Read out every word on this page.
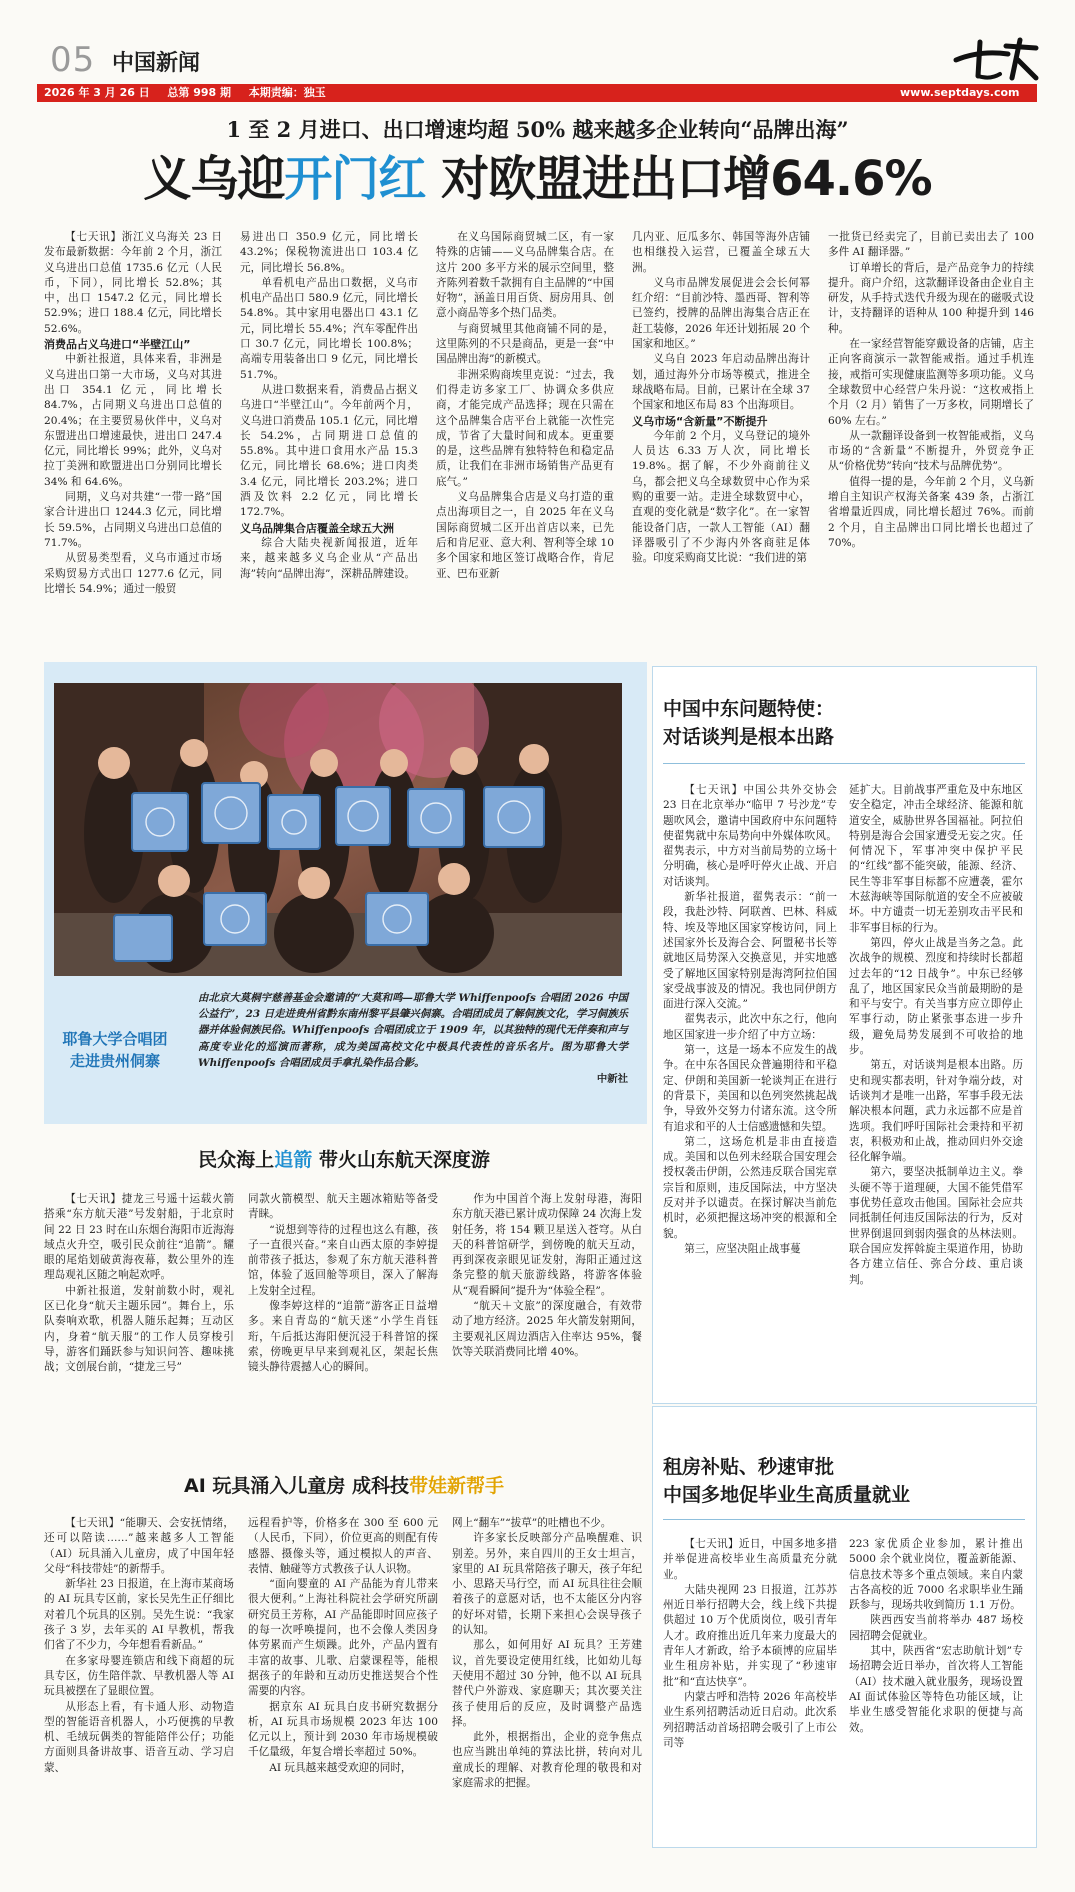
05 中国新闻
2026 年 3 月 26 日 总第 998 期 本期责编：独玉	www.septdays.com
1 至 2 月进口、出口增速均超 50% 越来越多企业转向“品牌出海”
义乌迎开门红 对欧盟进出口增64.6%

【七天讯】浙江义乌海关 23 日发布最新数据：今年前 2 个月，浙江义乌进出口总值 1735.6 亿元（人民币，下同），同比增长 52.8%；其中，出口 1547.2 亿元，同比增长 52.9%；进口 188.4 亿元，同比增长 52.6%。

消费品占义乌进口“半壁江山”

中新社报道，具体来看，非洲是义乌进出口第一大市场，义乌对其进出口 354.1 亿元，同比增长 84.7%，占同期义乌进出口总值的 20.4%；在主要贸易伙伴中，义乌对东盟进出口增速最快，进出口 247.4 亿元，同比增长 99%；此外，义乌对拉丁美洲和欧盟进出口分别同比增长 34% 和 64.6%。

同期，义乌对共建“一带一路”国家合计进出口 1244.3 亿元，同比增长 59.5%，占同期义乌进出口总值的 71.7%。

从贸易类型看，义乌市通过市场采购贸易方式出口 1277.6 亿元，同比增长 54.9%；通过一般贸

易进出口 350.9 亿元，同比增长 43.2%；保税物流进出口 103.4 亿元，同比增长 56.8%。

单看机电产品出口数据，义乌市机电产品出口 580.9 亿元，同比增长 54.8%。其中家用电器出口 43.1 亿元，同比增长 55.4%；汽车零配件出口 30.7 亿元，同比增长 100.8%；高端专用装备出口 9 亿元，同比增长 51.7%。

从进口数据来看，消费品占据义乌进口“半壁江山”。今年前两个月，义乌进口消费品 105.1 亿元，同比增长 54.2%，占同期进口总值的 55.8%。其中进口食用水产品 15.3 亿元，同比增长 68.6%；进口肉类 3.4 亿元，同比增长 203.2%；进口酒及饮料 2.2 亿元，同比增长 172.7%。

义乌品牌集合店覆盖全球五大洲

综合大陆央视新闻报道，近年来，越来越多义乌企业从“产品出海”转向“品牌出海”，深耕品牌建设。

在义乌国际商贸城二区，有一家特殊的店铺——义乌品牌集合店。在这片 200 多平方米的展示空间里，整齐陈列着数千款拥有自主品牌的“中国好物”，涵盖日用百货、厨房用具、创意小商品等多个热门品类。

与商贸城里其他商铺不同的是，这里陈列的不只是商品，更是一套“中国品牌出海”的新模式。

非洲采购商埃里克说：“过去，我们得走访多家工厂、协调众多供应商，才能完成产品选择；现在只需在这个品牌集合店平台上就能一次性完成，节省了大量时间和成本。更重要的是，这些品牌有独特特色和稳定品质，让我们在非洲市场销售产品更有底气。”

义乌品牌集合店是义乌打造的重点出海项目之一，自 2025 年在义乌国际商贸城二区开出首店以来，已先后和肯尼亚、意大利、智利等全球 10 多个国家和地区签订战略合作，肯尼亚、巴布亚新

几内亚、厄瓜多尔、韩国等海外店铺也相继投入运营，已覆盖全球五大洲。

义乌市品牌发展促进会会长何幂红介绍：“目前沙特、墨西哥、智利等已签约，授牌的品牌出海集合店正在赶工装修，2026 年还计划拓展 20 个国家和地区。”

义乌自 2023 年启动品牌出海计划，通过海外分市场等模式，推进全球战略布局。目前，已累计在全球 37 个国家和地区布局 83 个出海项目。

义乌市场“含新量”不断提升

今年前 2 个月，义乌登记的境外人员达 6.33 万人次，同比增长 19.8%。据了解，不少外商前往义乌，都会把义乌全球数贸中心作为采购的重要一站。走进全球数贸中心，直观的变化就是“数字化”。在一家智能设备门店，一款人工智能（AI）翻译器吸引了不少海内外客商驻足体验。印度采购商艾比说：“我们进的第

一批货已经卖完了，目前已卖出去了 100 多件 AI 翻译器。”

订单增长的背后，是产品竞争力的持续提升。商户介绍，这款翻译设备由企业自主研发，从手持式迭代升级为现在的磁吸式设计，支持翻译的语种从 100 种提升到 146 种。

在一家经营智能穿戴设备的店铺，店主正向客商演示一款智能戒指。通过手机连接，戒指可实现健康监测等多项功能。义乌全球数贸中心经营户朱丹说：“这枚戒指上个月（2 月）销售了一万多枚，同期增长了 60% 左右。”

从一款翻译设备到一枚智能戒指，义乌市场的“含新量”不断提升，外贸竞争正从“价格优势”转向“技术与品牌优势”。

值得一提的是，今年前 2 个月，义乌新增自主知识产权海关备案 439 条，占浙江省增量近四成，同比增长超过 76%。而前 2 个月，自主品牌出口同比增长也超过了 70%。

耶鲁大学合唱团
走进贵州侗寨
由北京大莫桐宇慈善基金会邀请的“大莫和鸣—耶鲁大学 Whiffenpoofs 合唱团 2026 中国公益行”，23 日走进贵州省黔东南州黎平县肇兴侗寨。合唱团成员了解侗族文化，学习侗族乐器并体验侗族民俗。Whiffenpoofs 合唱团成立于 1909 年，以其独特的现代无伴奏和声与高度专业化的巡演而著称，成为美国高校文化中极具代表性的音乐名片。图为耶鲁大学 Whiffenpoofs 合唱团成员手拿扎染作品合影。
中新社
中国中东问题特使：
对话谈判是根本出路

【七天讯】中国公共外交协会 23 日在北京举办“临甲 7 号沙龙”专题吹风会，邀请中国政府中东问题特使翟隽就中东局势向中外媒体吹风。翟隽表示，中方对当前局势的立场十分明确，核心是呼吁停火止战、开启对话谈判。

新华社报道，翟隽表示：“前一段，我赴沙特、阿联酋、巴林、科威特、埃及等地区国家穿梭访问，同上述国家外长及海合会、阿盟秘书长等就地区局势深入交换意见，并实地感受了解地区国家特别是海湾阿拉伯国家受战事波及的情况。我也同伊朗方面进行深入交流。”

翟隽表示，此次中东之行，他向地区国家进一步介绍了中方立场：

第一，这是一场本不应发生的战争。在中东各国民众普遍期待和平稳定、伊朗和美国新一轮谈判正在进行的背景下，美国和以色列突然挑起战争，导致外交努力付诸东流。这令所有追求和平的人士信感遗憾和失望。

第二，这场危机是非由直接造成。美国和以色列未经联合国安理会授权袭击伊朗，公然违反联合国宪章宗旨和原则，违反国际法，中方坚决反对并予以谴责。在探讨解决当前危机时，必须把握这场冲突的根源和全貌。

第三，应坚决阻止战事蔓

延扩大。目前战事严重危及中东地区安全稳定，冲击全球经济、能源和航道安全，威胁世界各国福祉。阿拉伯特别是海合会国家遭受无妄之灾。任何情况下，军事冲突中保护平民的“红线”都不能突破，能源、经济、民生等非军事目标都不应遭袭，霍尔木兹海峡等国际航道的安全不应被破坏。中方谴责一切无差别攻击平民和非军事目标的行为。

第四，停火止战是当务之急。此次战争的规模、烈度和持续时长都超过去年的“12 日战争”。中东已经够乱了，地区国家民众当前最期盼的是和平与安宁。有关当事方应立即停止军事行动，防止紧张事态进一步升级，避免局势发展到不可收拾的地步。

第五，对话谈判是根本出路。历史和现实都表明，针对争端分歧，对话谈判才是唯一出路，军事手段无法解决根本问题，武力永远都不应是首选项。我们呼吁国际社会秉持和平初衷，积极劝和止战，推动回归外交途径化解争端。

第六，要坚决抵制单边主义。拳头硬不等于道理硬，大国不能凭借军事优势任意攻击他国。国际社会应共同抵制任何违反国际法的行为，反对世界倒退回到弱肉强食的丛林法则。联合国应发挥斡旋主渠道作用，协助各方建立信任、弥合分歧、重启谈判。

租房补贴、秒速审批
中国多地促毕业生高质量就业

【七天讯】近日，中国多地多措并举促进高校毕业生高质量充分就业。

大陆央视网 23 日报道，江苏苏州近日举行招聘大会，线上线下共提供超过 10 万个优质岗位，吸引青年人才。政府推出近几年来力度最大的青年人才新政，给予本硕博的应届毕业生租房补贴，并实现了“秒速审批”和“直达快享”。

内蒙古呼和浩特 2026 年高校毕业生系列招聘活动近日启动。此次系列招聘活动首场招聘会吸引了上市公司等

223 家优质企业参加，累计推出 5000 余个就业岗位，覆盖新能源、信息技术等多个重点领域。来自内蒙古各高校的近 7000 名求职毕业生踊跃参与，现场共收到简历 1.1 万份。

陕西西安当前将举办 487 场校园招聘会促就业。

其中，陕西省“宏志助航计划”专场招聘会近日举办，首次将人工智能（AI）技术融入就业服务，现场设置 AI 面试体验区等特色功能区域，让毕业生感受智能化求职的便捷与高效。

民众海上追箭 带火山东航天深度游

【七天讯】捷龙三号遥十运载火箭搭乘“东方航天港”号发射船，于北京时间 22 日 23 时在山东烟台海阳市近海海域点火升空，吸引民众前往“追箭”。耀眼的尾焰划破黄海夜幕，数公里外的连理岛观礼区随之响起欢呼。

中新社报道，发射前数小时，观礼区已化身“航天主题乐园”。舞台上，乐队奏响欢歌，机器人随乐起舞；互动区内，身着“航天服”的工作人员穿梭引导，游客们踊跃参与知识问答、趣味挑战；文创展台前，“捷龙三号”

同款火箭模型、航天主题冰箱贴等备受青睐。

“说想到等待的过程也这么有趣，孩子一直很兴奋。”来自山西太原的李婷提前带孩子抵达，参观了东方航天港科普馆，体验了返回舱等项目，深入了解海上发射全过程。

像李婷这样的“追箭”游客正日益增多。来自青岛的“航天迷”小学生肖钰珩，午后抵达海阳便沉浸于科普馆的探索，傍晚更早早来到观礼区，架起长焦镜头静待震撼人心的瞬间。

作为中国首个海上发射母港，海阳东方航天港已累计成功保障 24 次海上发射任务，将 154 颗卫星送入苍穹。从白天的科普馆研学，到傍晚的航天互动，再到深夜亲眼见证发射，海阳正通过这条完整的航天旅游线路，将游客体验从“观看瞬间”提升为“体验全程”。

“航天＋文旅”的深度融合，有效带动了地方经济。2025 年火箭发射期间，主要观礼区周边酒店入住率达 95%，餐饮等关联消费同比增 40%。

AI 玩具涌入儿童房 成科技带娃新帮手

【七天讯】“能聊天、会安抚情绪，还可以陪读……”越来越多人工智能（AI）玩具涌入儿童房，成了中国年轻父母“科技带娃”的新帮手。

新华社 23 日报道，在上海市某商场的 AI 玩具专区前，家长吴先生正仔细比对着几个玩具的区别。吴先生说：“我家孩子 3 岁，去年买的 AI 早教机，帮我们省了不少力，今年想看看新品。”

在多家母婴连锁店和线下商超的玩具专区，仿生陪伴款、早教机器人等 AI 玩具被摆在了显眼位置。

从形态上看，有卡通人形、动物造型的智能语音机器人，小巧便携的早教机、毛绒玩偶类的智能陪伴公仔；功能方面则具备讲故事、语音互动、学习启蒙、

远程看护等，价格多在 300 至 600 元（人民币，下同），价位更高的则配有传感器、摄像头等，通过模拟人的声音、表情、触碰等方式教孩子认人识物。

“面向婴童的 AI 产品能为育儿带来很大便利。”上海社科院社会学研究所副研究员王芳称，AI 产品能即时回应孩子的每一次呼唤提问，也不会像人类因身体劳累而产生烦躁。此外，产品内置有丰富的故事、儿歌、启蒙课程等，能根据孩子的年龄和互动历史推送契合个性需要的内容。

据京东 AI 玩具白皮书研究数据分析，AI 玩具市场规模 2023 年达 100 亿元以上，预计到 2030 年市场规模破千亿量级，年复合增长率超过 50%。

AI 玩具越来越受欢迎的同时，

网上“翻车”“拔草”的吐槽也不少。

许多家长反映部分产品唤醒难、识别差。另外，来自四川的王女士坦言，家里的 AI 玩具常陪孩子聊天，孩子年纪小、思路天马行空，而 AI 玩具往往会顺着孩子的意愿对话，也不太能区分内容的好坏对错，长期下来担心会误导孩子的认知。

那么，如何用好 AI 玩具？王芳建议，首先要设定使用红线，比如幼儿每天使用不超过 30 分钟，他不以 AI 玩具替代户外游戏、家庭聊天；其次要关注孩子使用后的反应，及时调整产品选择。

此外，根据指出，企业的竞争焦点也应当跳出单纯的算法比拼，转向对儿童成长的理解、对教育伦理的敬畏和对家庭需求的把握。
